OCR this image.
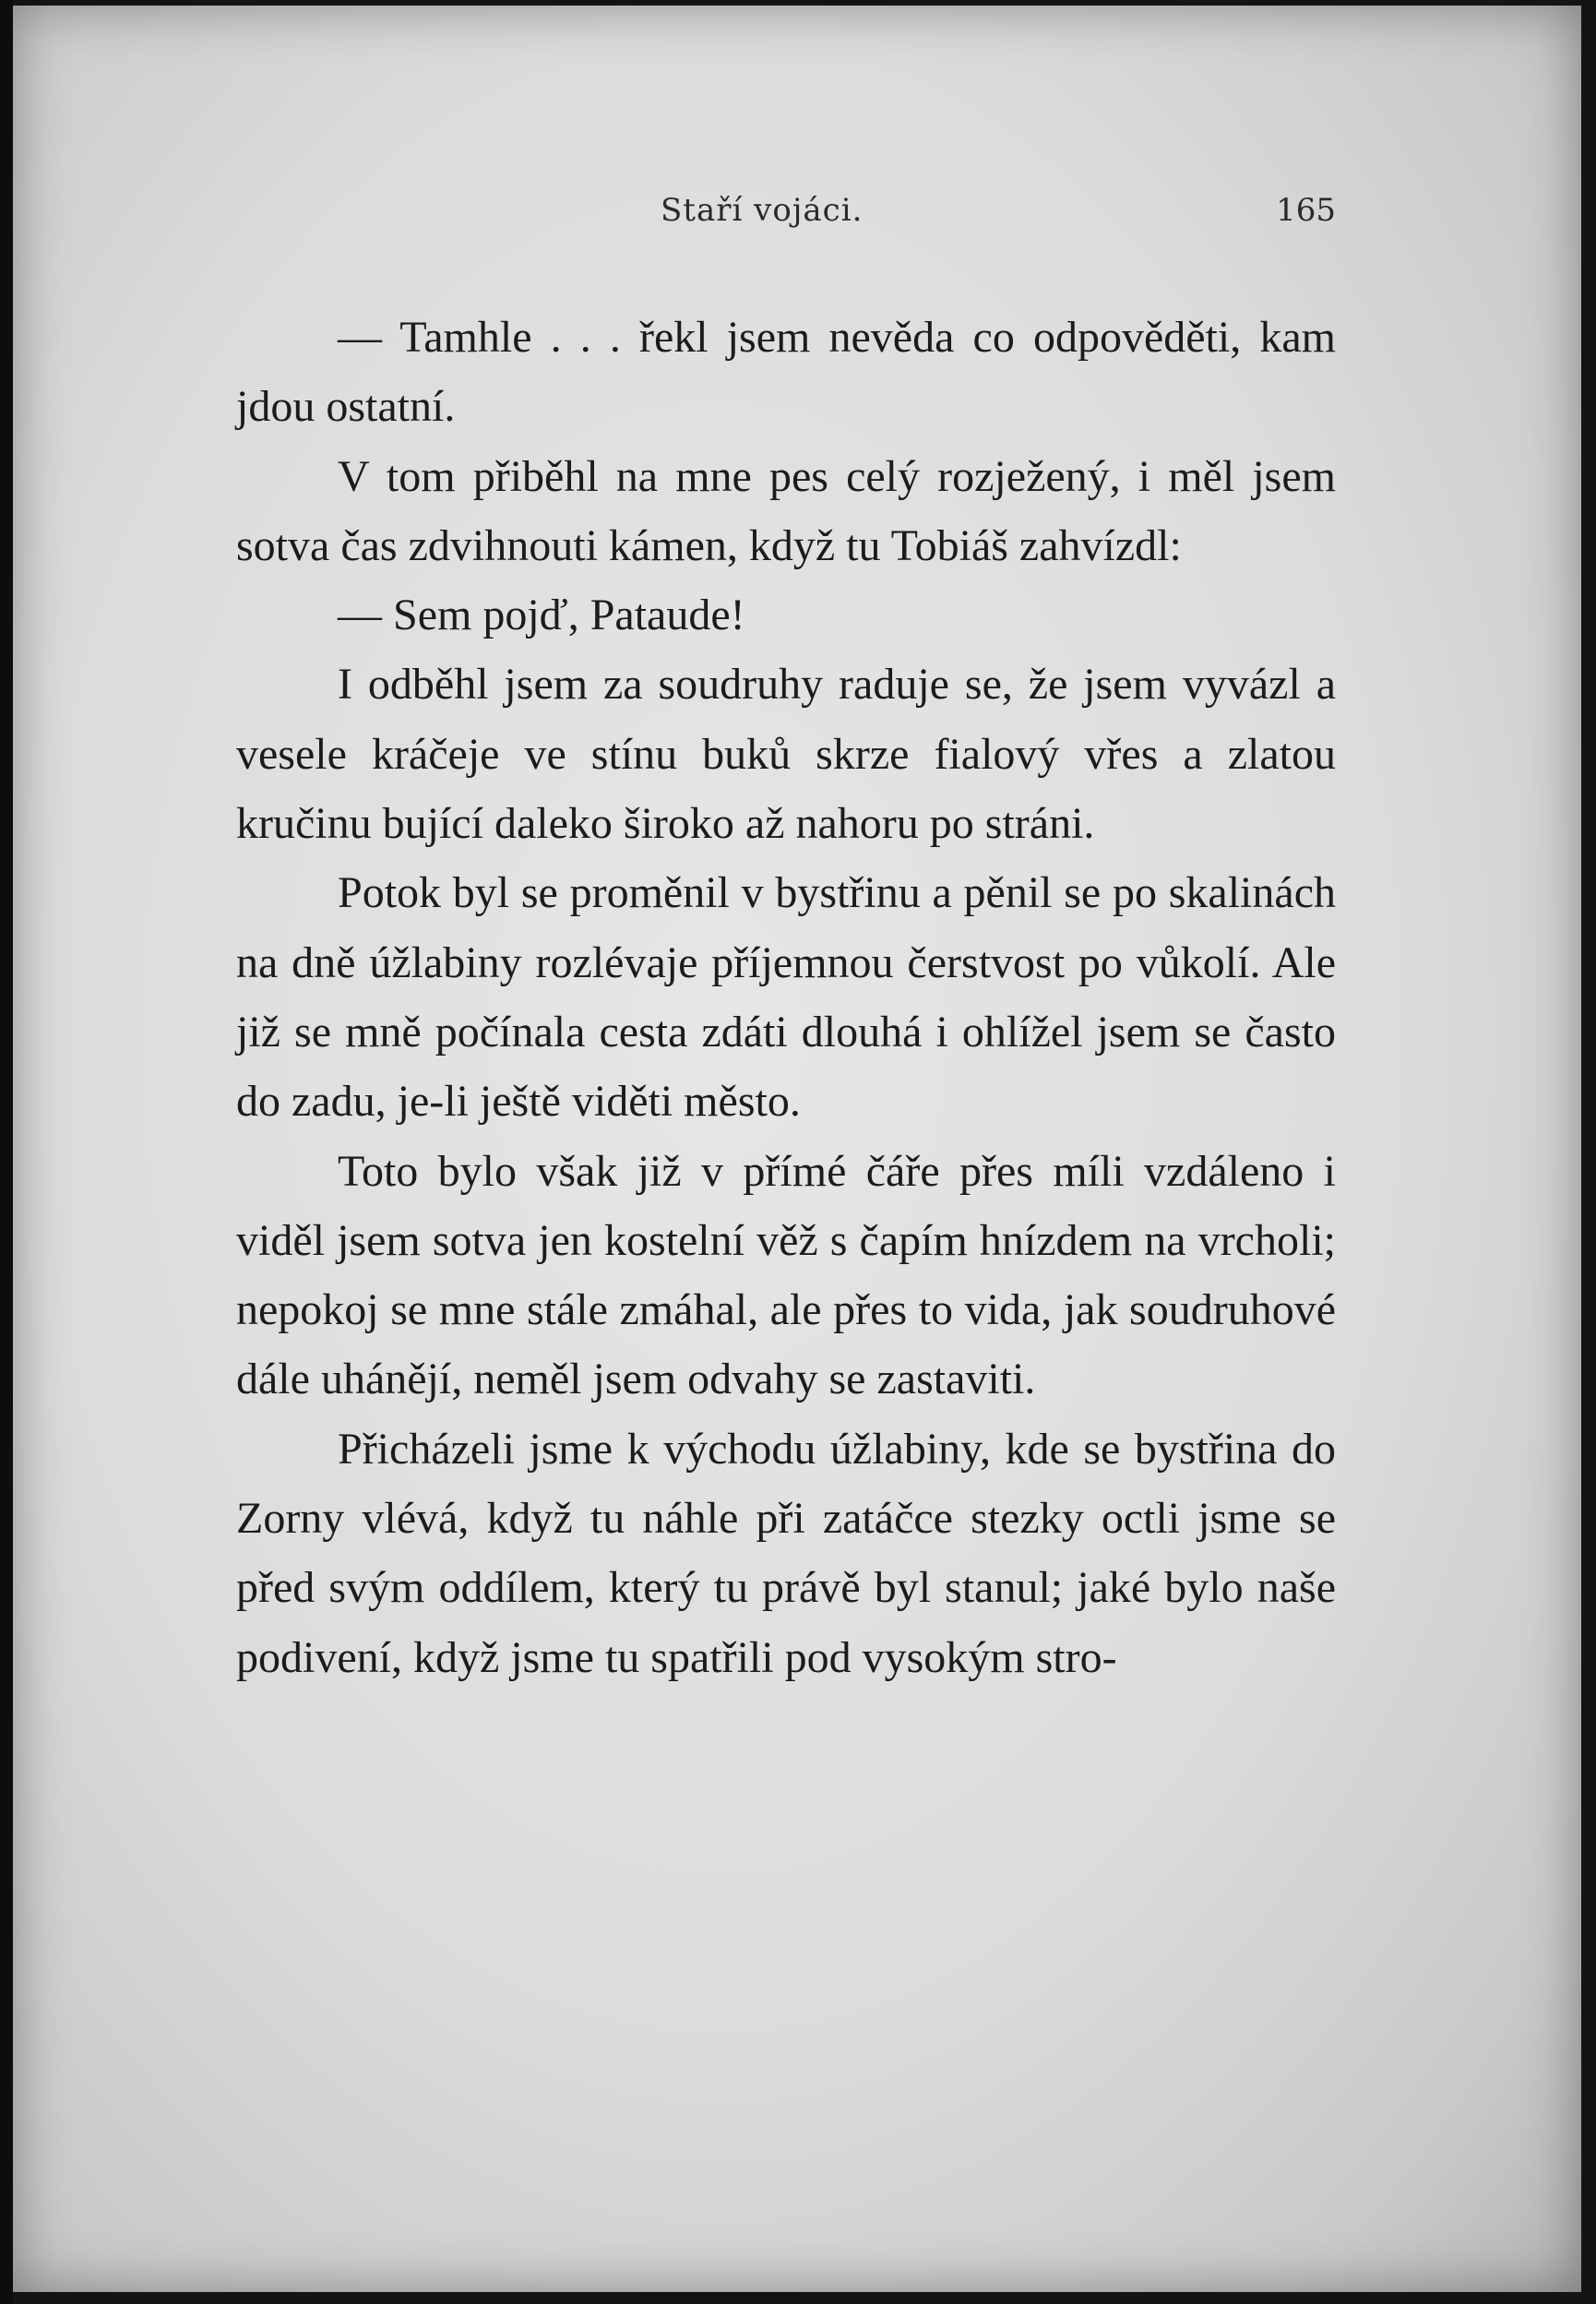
Staří vojáci.	165

— Tamhle . . . řekl jsem nevěda co odpověděti, kam jdou ostatní.

V tom přiběhl na mne pes celý rozježený, i měl jsem sotva čas zdvihnouti kámen, když tu Tobiáš zahvízdl:

— Sem pojď, Pataude!

I odběhl jsem za soudruhy raduje se, že jsem vyvázl a vesele kráčeje ve stínu buků skrze fialový vřes a zlatou kručinu bující daleko široko až nahoru po stráni.

Potok byl se proměnil v bystřinu a pěnil se po skalinách na dně úžlabiny rozlévaje příjemnou čerstvost po vůkolí. Ale již se mně počínala cesta zdáti dlouhá i ohlížel jsem se často do zadu, je-li ještě viděti město.

Toto bylo však již v přímé čáře přes míli vzdáleno i viděl jsem sotva jen kostelní věž s čapím hnízdem na vrcholi; nepokoj se mne stále zmáhal, ale přes to vida, jak soudruhové dále uhánějí, neměl jsem odvahy se zastaviti.

Přicházeli jsme k východu úžlabiny, kde se bystřina do Zorny vlévá, když tu náhle při zatáčce stezky octli jsme se před svým oddílem, který tu právě byl stanul; jaké bylo naše podivení, když jsme tu spatřili pod vysokým stro-
